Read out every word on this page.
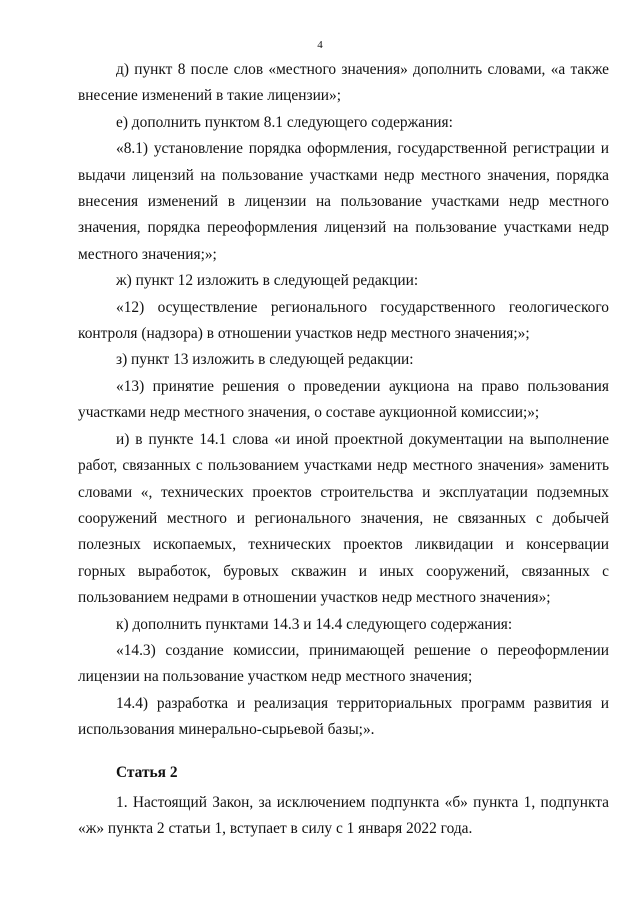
4

д) пункт 8 после слов «местного значения» дополнить словами, «а также внесение изменений в такие лицензии»;

е) дополнить пунктом 8.1 следующего содержания:

«8.1) установление порядка оформления, государственной регистрации и выдачи лицензий на пользование участками недр местного значения, порядка внесения изменений в лицензии на пользование участками недр местного значения, порядка переоформления лицензий на пользование участками недр местного значения;»;

ж) пункт 12 изложить в следующей редакции:

«12) осуществление регионального государственного геологического контроля (надзора) в отношении участков недр местного значения;»;

з) пункт 13 изложить в следующей редакции:

«13) принятие решения о проведении аукциона на право пользования участками недр местного значения, о составе аукционной комиссии;»;

и) в пункте 14.1 слова «и иной проектной документации на выполнение работ, связанных с пользованием участками недр местного значения» заменить словами «, технических проектов строительства и эксплуатации подземных сооружений местного и регионального значения, не связанных с добычей полезных ископаемых, технических проектов ликвидации и консервации горных выработок, буровых скважин и иных сооружений, связанных с пользованием недрами в отношении участков недр местного значения»;

к) дополнить пунктами 14.3 и 14.4 следующего содержания:

«14.3) создание комиссии, принимающей решение о переоформлении лицензии на пользование участком недр местного значения;

14.4) разработка и реализация территориальных программ развития и использования минерально-сырьевой базы;».

Статья 2

1. Настоящий Закон, за исключением подпункта «б» пункта 1, подпункта «ж» пункта 2 статьи 1, вступает в силу с 1 января 2022 года.
